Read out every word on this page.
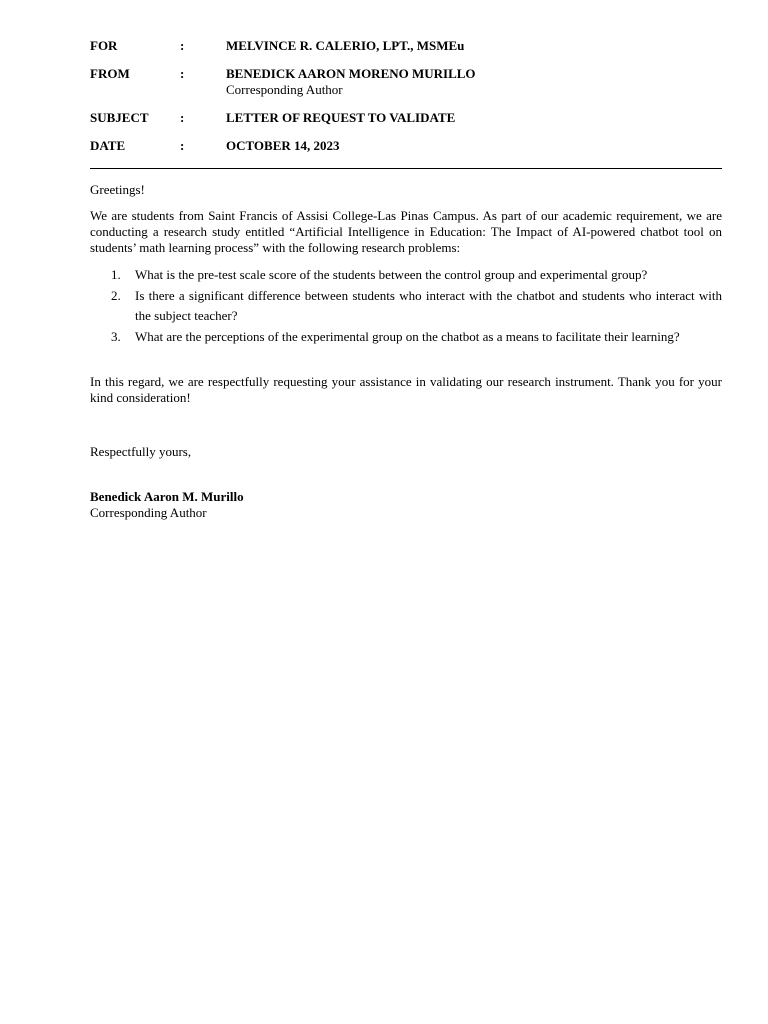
FOR	:	MELVINCE R. CALERIO, LPT., MSMEu
FROM	:	BENEDICK AARON MORENO MURILLO
Corresponding Author
SUBJECT	:	LETTER OF REQUEST TO VALIDATE
DATE	:	OCTOBER 14, 2023
Greetings!
We are students from Saint Francis of Assisi College-Las Pinas Campus. As part of our academic requirement, we are conducting a research study entitled “Artificial Intelligence in Education: The Impact of AI-powered chatbot tool on students’ math learning process” with the following research problems:
1.	What is the pre-test scale score of the students between the control group and experimental group?
2.	Is there a significant difference between students who interact with the chatbot and students who interact with the subject teacher?
3.	What are the perceptions of the experimental group on the chatbot as a means to facilitate their learning?
In this regard, we are respectfully requesting your assistance in validating our research instrument. Thank you for your kind consideration!
Respectfully yours,
Benedick Aaron M. Murillo
Corresponding Author
